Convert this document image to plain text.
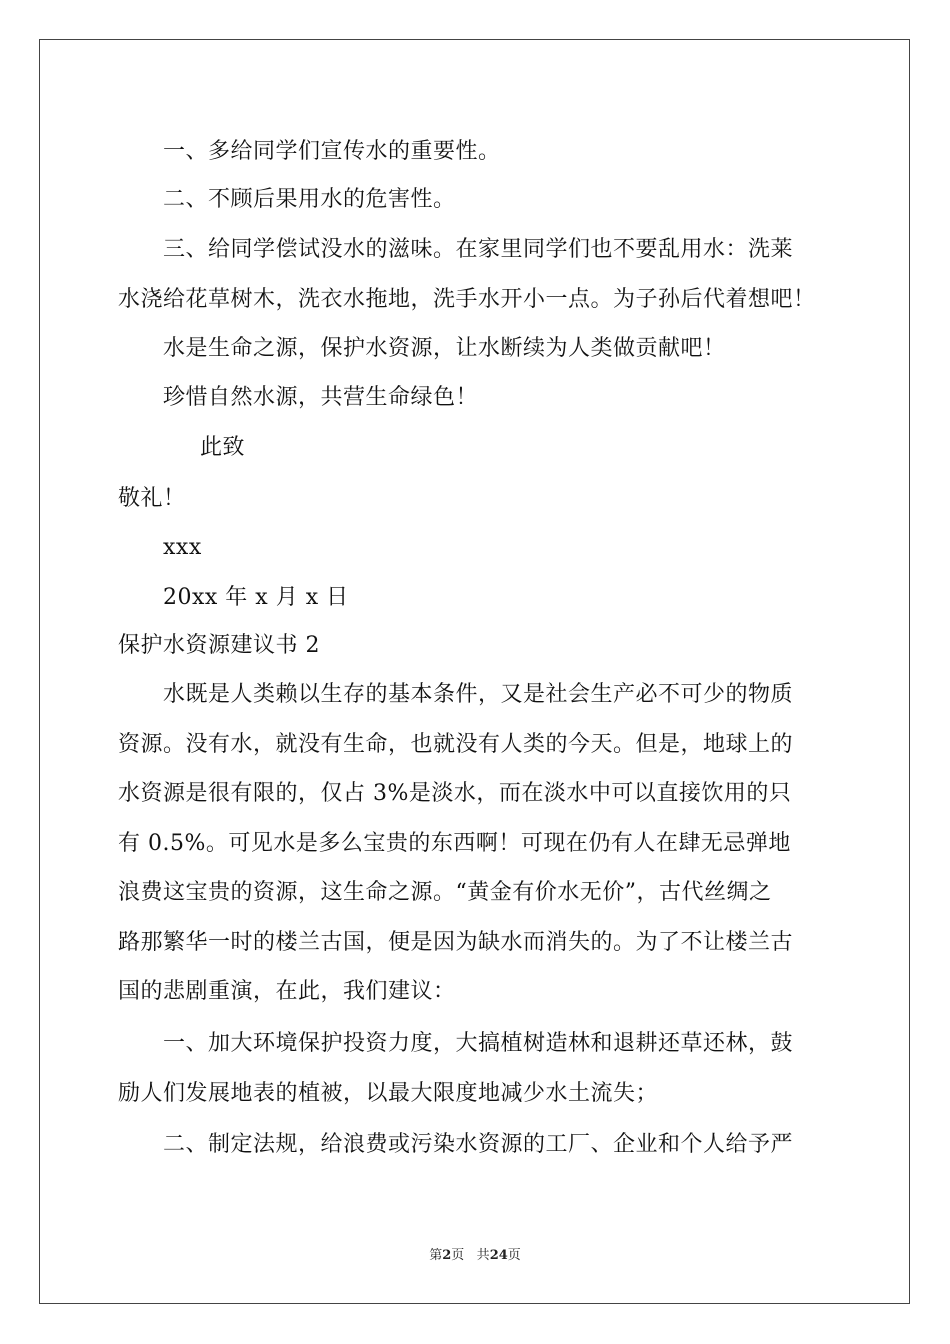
一、多给同学们宣传水的重要性。
二、不顾后果用水的危害性。
三、给同学偿试没水的滋味。在家里同学们也不要乱用水：洗莱
水浇给花草树木，洗衣水拖地，洗手水开小一点。为子孙后代着想吧！
水是生命之源，保护水资源，让水断续为人类做贡献吧！
珍惜自然水源，共营生命绿色！
此致
敬礼！
xxx
20xx 年 x 月 x 日
保护水资源建议书 2
水既是人类赖以生存的基本条件，又是社会生产必不可少的物质
资源。没有水，就没有生命，也就没有人类的今天。但是，地球上的
水资源是很有限的，仅占 3%是淡水，而在淡水中可以直接饮用的只
有 0.5%。可见水是多么宝贵的东西啊！可现在仍有人在肆无忌弹地
浪费这宝贵的资源，这生命之源。“黄金有价水无价”，古代丝绸之
路那繁华一时的楼兰古国，便是因为缺水而消失的。为了不让楼兰古
国的悲剧重演，在此，我们建议：
一、加大环境保护投资力度，大搞植树造林和退耕还草还林，鼓
励人们发展地表的植被，以最大限度地减少水土流失；
二、制定法规，给浪费或污染水资源的工厂、企业和个人给予严
第2页 共24页
